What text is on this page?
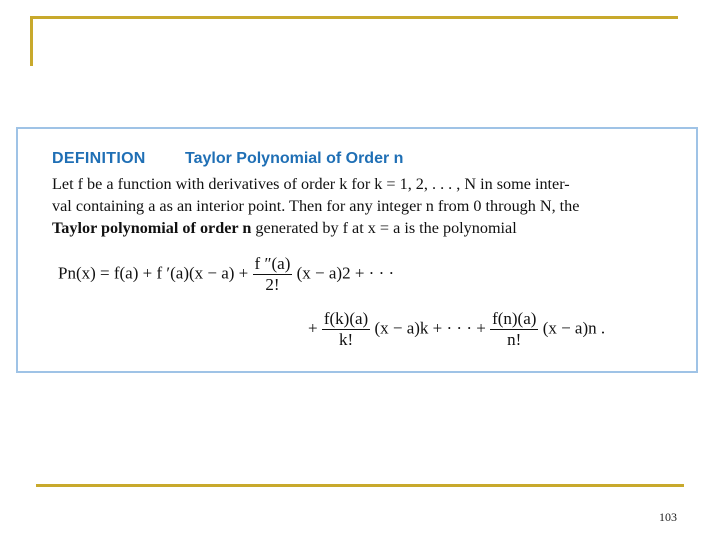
DEFINITION Taylor Polynomial of Order n
Let f be a function with derivatives of order k for k = 1, 2, . . . , N in some inter-
val containing a as an interior point. Then for any integer n from 0 through N, the
Taylor polynomial of order n generated by f at x = a is the polynomial
Pn(x) = f(a) + f $'(a)(x - a) + \frac{f ''(a)}{2!} (x - a)2$ + · · ·
+ $\frac{f(k)(a)}{k!} (x - a)k$ + · · · + $\frac{f(n)(a)}{n!} (x - a)n$ .
103
